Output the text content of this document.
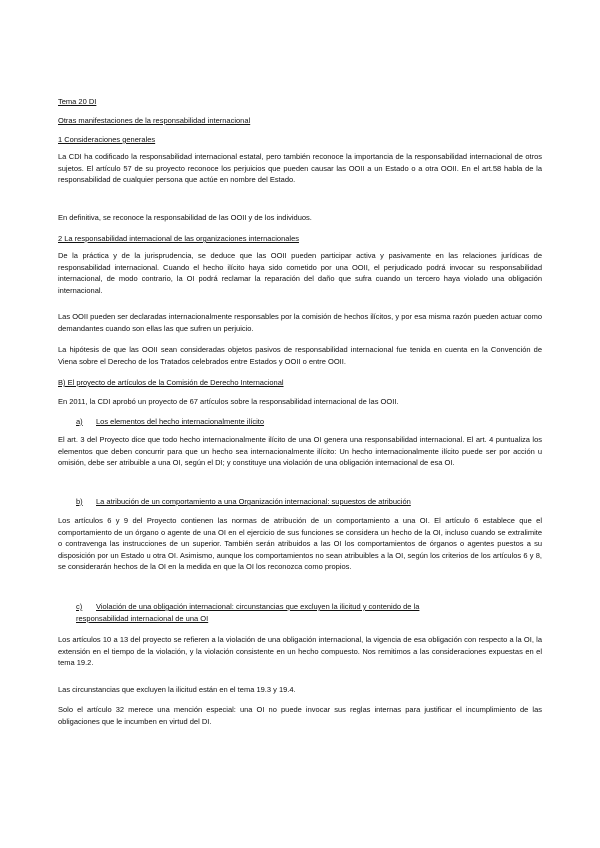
Tema 20 DI

Otras manifestaciones de la responsabilidad internacional

1 Consideraciones generales

La CDI ha codificado la responsabilidad internacional estatal, pero también reconoce la importancia de la responsabilidad internacional de otros sujetos. El artículo 57 de su proyecto reconoce los perjuicios que pueden causar las OOII a un Estado o a otra OOII. En el art.58 habla de la responsabilidad de cualquier persona que actúe en nombre del Estado.

En definitiva, se reconoce la responsabilidad de las OOII y de los individuos.

2 La responsabilidad internacional de las organizaciones internacionales

De la práctica y de la jurisprudencia, se deduce que las OOII pueden participar activa y pasivamente en las relaciones jurídicas de responsabilidad internacional. Cuando el hecho ilícito haya sido cometido por una OOII, el perjudicado podrá invocar su responsabilidad internacional, de modo contrario, la OI podrá reclamar la reparación del daño que sufra cuando un tercero haya violado una obligación internacional.

Las OOII pueden ser declaradas internacionalmente responsables por la comisión de hechos ilícitos, y por esa misma razón pueden actuar como demandantes cuando son ellas las que sufren un perjuicio.

La hipótesis de que las OOII sean consideradas objetos pasivos de responsabilidad internacional fue tenida en cuenta en la Convención de Viena sobre el Derecho de los Tratados celebrados entre Estados y OOII o entre OOII.

B) El proyecto de artículos de la Comisión de Derecho Internacional

En 2011, la CDI aprobó un proyecto de 67 artículos sobre la responsabilidad internacional de las OOII.

a) Los elementos del hecho internacionalmente ilícito

El art. 3 del Proyecto dice que todo hecho internacionalmente ilícito de una OI genera una responsabilidad internacional. El art. 4 puntualiza los elementos que deben concurrir para que un hecho sea internacionalmente ilícito: Un hecho internacionalmente ilícito puede ser por acción u omisión, debe ser atribuible a una OI, según el DI; y constituye una violación de una obligación internacional de esa OI.

b) La atribución de un comportamiento a una Organización internacional: supuestos de atribución

Los artículos 6 y 9 del Proyecto contienen las normas de atribución de un comportamiento a una OI. El artículo 6 establece que el comportamiento de un órgano o agente de una OI en el ejercicio de sus funciones se considera un hecho de la OI, incluso cuando se extralimite o contravenga las instrucciones de un superior. También serán atribuidos a las OI los comportamientos de órganos o agentes puestos a su disposición por un Estado u otra OI. Asimismo, aunque los comportamientos no sean atribuibles a la OI, según los criterios de los artículos 6 y 8, se considerarán hechos de la OI en la medida en que la OI los reconozca como propios.

c) Violación de una obligación internacional: circunstancias que excluyen la ilicitud y contenido de la

responsabilidad internacional de una OI

Los artículos 10 a 13 del proyecto se refieren a la violación de una obligación internacional, la vigencia de esa obligación con respecto a la OI, la extensión en el tiempo de la violación, y la violación consistente en un hecho compuesto. Nos remitimos a las consideraciones expuestas en el tema 19.2.

Las circunstancias que excluyen la ilicitud están en el tema 19.3 y 19.4.

Solo el artículo 32 merece una mención especial: una OI no puede invocar sus reglas internas para justificar el incumplimiento de las obligaciones que le incumben en virtud del DI.
